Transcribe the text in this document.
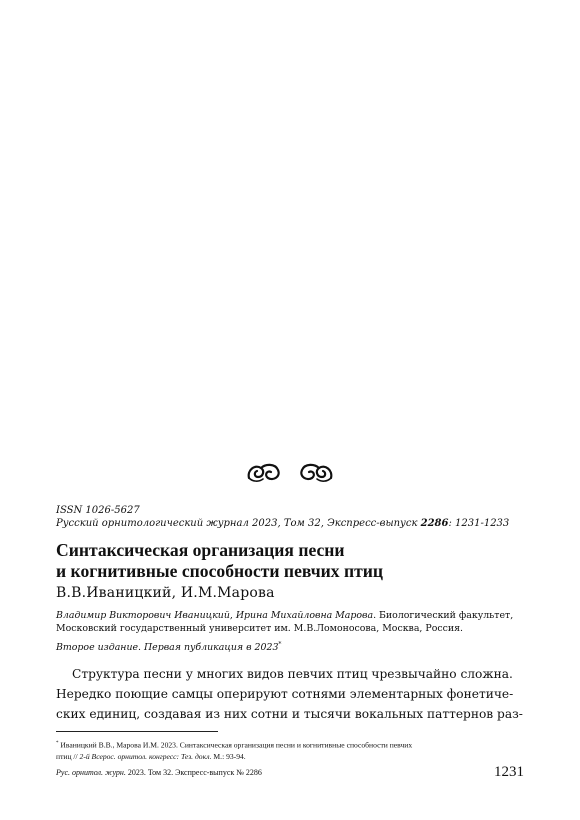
ISSN 1026-5627
Русский орнитологический журнал 2023, Том 32, Экспресс-выпуск 2286: 1231-1233
Синтаксическая организация песни
и когнитивные способности певчих птиц
В.В.Иваницкий, И.М.Марова
Владимир Викторович Иваницкий, Ирина Михайловна Марова. Биологический факультет,
Московский государственный университет им. М.В.Ломоносова, Москва, Россия.
Второе издание. Первая публикация в 2023*
Структура песни у многих видов певчих птиц чрезвычайно сложна.
Нередко поющие самцы оперируют сотнями элементарных фонетиче-
ских единиц, создавая из них сотни и тысячи вокальных паттернов раз-
* Иваницкий В.В., Марова И.М. 2023. Синтаксическая организация песни и когнитивные способности певчих
птиц // 2-й Всерос. орнитол. конгресс: Тез. докл. М.: 93-94.
Рус. орнитол. журн. 2023. Том 32. Экспресс-выпуск № 2286	1231
